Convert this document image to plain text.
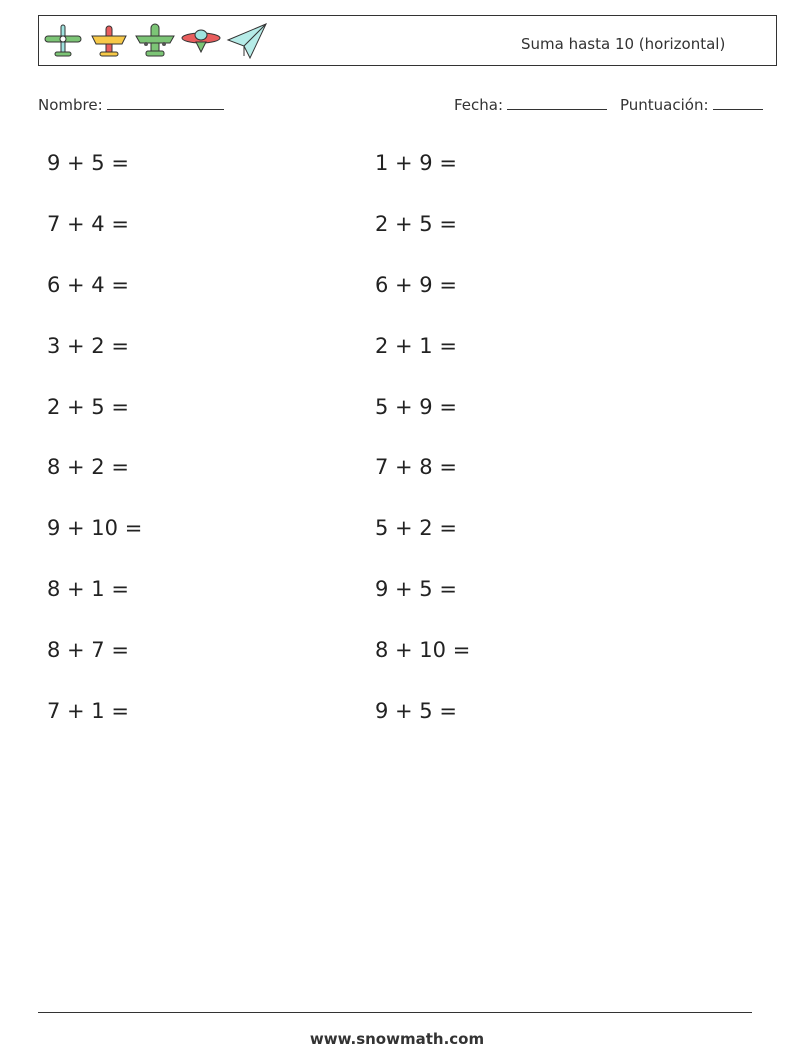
Suma hasta 10 (horizontal)
Nombre:	Fecha:	Puntuación:
9 + 5 =
7 + 4 =
6 + 4 =
3 + 2 =
2 + 5 =
8 + 2 =
9 + 10 =
8 + 1 =
8 + 7 =
7 + 1 =
1 + 9 =
2 + 5 =
6 + 9 =
2 + 1 =
5 + 9 =
7 + 8 =
5 + 2 =
9 + 5 =
8 + 10 =
9 + 5 =
www.snowmath.com
